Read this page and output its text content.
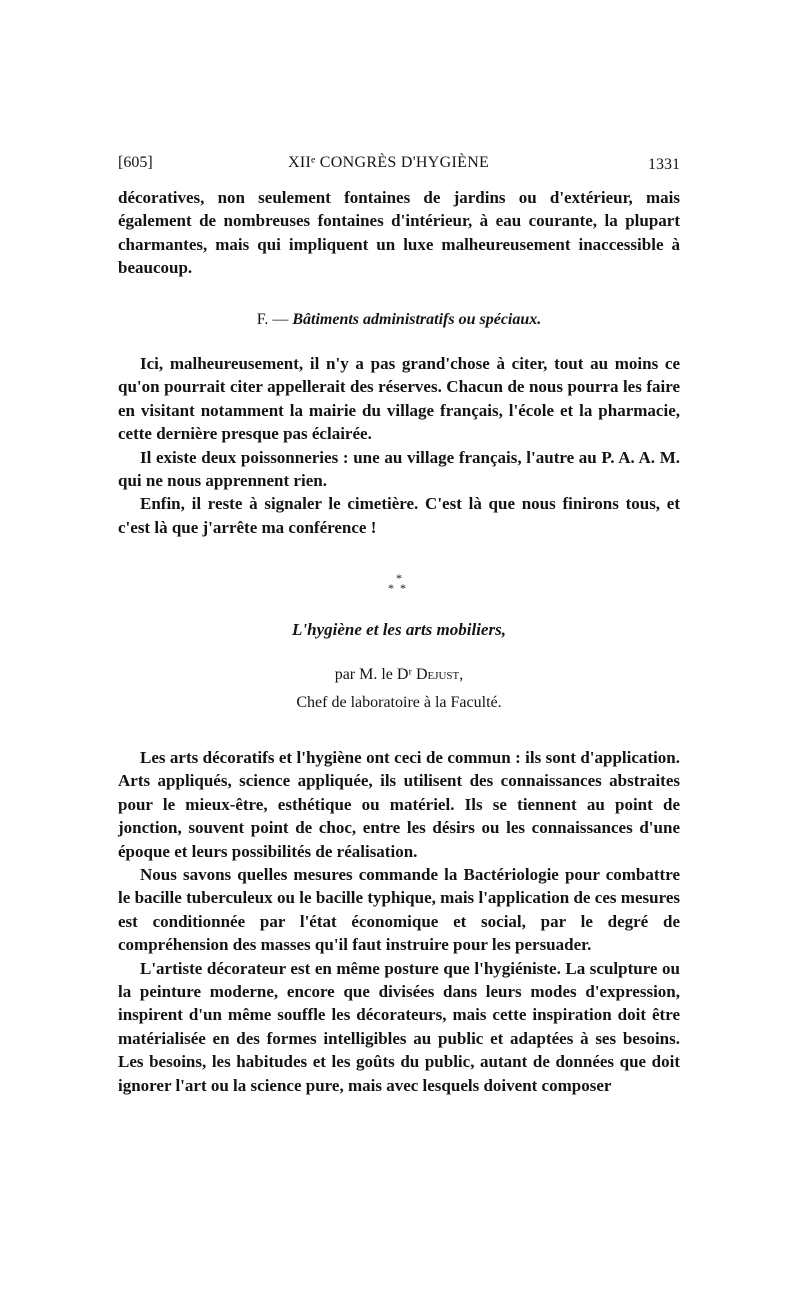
[605]	XIIᵉ CONGRÈS D'HYGIÈNE	1331

décoratives, non seulement fontaines de jardins ou d'extérieur, mais également de nombreuses fontaines d'intérieur, à eau courante, la plupart charmantes, mais qui impliquent un luxe malheureusement inaccessible à beaucoup.

F. — Bâtiments administratifs ou spéciaux.

Ici, malheureusement, il n'y a pas grand'chose à citer, tout au moins ce qu'on pourrait citer appellerait des réserves. Chacun de nous pourra les faire en visitant notamment la mairie du village français, l'école et la pharmacie, cette dernière presque pas éclairée.

Il existe deux poissonneries : une au village français, l'autre au P. A. A. M. qui ne nous apprennent rien.

Enfin, il reste à signaler le cimetière. C'est là que nous finirons tous, et c'est là que j'arrête ma conférence !

*
*  *
L'hygiène et les arts mobiliers,
par M. le Dʳ Dejust,
Chef de laboratoire à la Faculté.

Les arts décoratifs et l'hygiène ont ceci de commun : ils sont d'application. Arts appliqués, science appliquée, ils utilisent des connaissances abstraites pour le mieux-être, esthétique ou matériel. Ils se tiennent au point de jonction, souvent point de choc, entre les désirs ou les connaissances d'une époque et leurs possibilités de réalisation.

Nous savons quelles mesures commande la Bactériologie pour combattre le bacille tuberculeux ou le bacille typhique, mais l'application de ces mesures est conditionnée par l'état économique et social, par le degré de compréhension des masses qu'il faut instruire pour les persuader.

L'artiste décorateur est en même posture que l'hygiéniste. La sculpture ou la peinture moderne, encore que divisées dans leurs modes d'expression, inspirent d'un même souffle les décorateurs, mais cette inspiration doit être matérialisée en des formes intelligibles au public et adaptées à ses besoins. Les besoins, les habitudes et les goûts du public, autant de données que doit ignorer l'art ou la science pure, mais avec lesquels doivent composer
